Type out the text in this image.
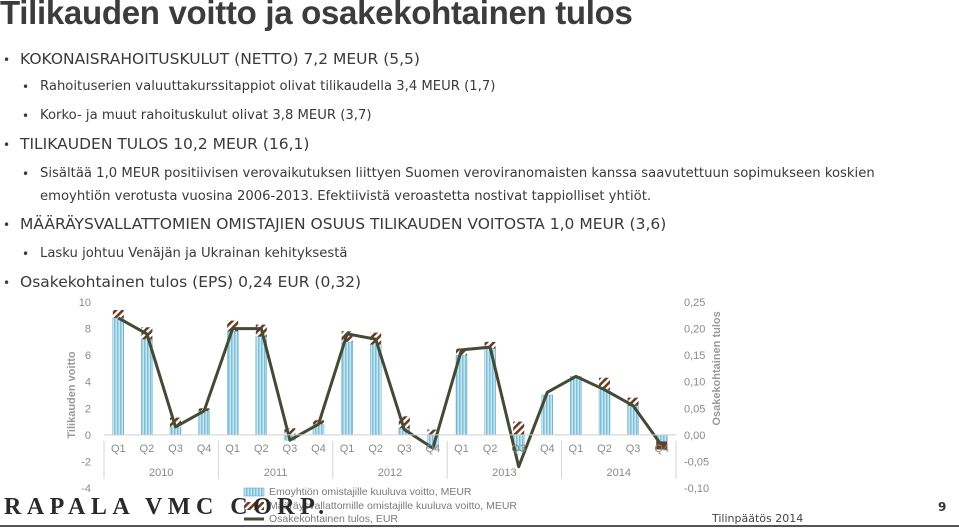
Tilikauden voitto ja osakekohtainen tulos
• KOKONAISRAHOITUSKULUT (NETTO) 7,2 MEUR (5,5)
• Rahoituserien valuuttakurssitappiot olivat tilikaudella 3,4 MEUR (1,7)
• Korko- ja muut rahoituskulut olivat 3,8 MEUR (3,7)
• TILIKAUDEN TULOS 10,2 MEUR (16,1)
• Sisältää 1,0 MEUR positiivisen verovaikutuksen liittyen Suomen veroviranomaisten kanssa saavutettuun sopimukseen koskien
emoyhtiön verotusta vuosina 2006-2013. Efektiivistä veroastetta nostivat tappiolliset yhtiöt.
• MÄÄRÄYSVALLATTOMIEN OMISTAJIEN OSUUS TILIKAUDEN VOITOSTA 1,0 MEUR (3,6)
• Lasku johtuu Venäjän ja Ukrainan kehityksestä
• Osakekohtainen tulos (EPS) 0,24 EUR (0,32)
10
8
6
4
2
0
-2
-4
0,25
0,20
0,15
0,10
0,05
0,00
-0,05
-0,10
Tilikauden voitto	Osakekohtainen tulos
Q1 Q2 Q3 Q4 Q1 Q2 Q3 Q4 Q1 Q2 Q3 Q4 Q1 Q2 Q3 Q4 Q1 Q2 Q3 Q4
2010	2011	2012	2013	2014
Emoyhtiön omistajille kuuluva voitto, MEUR
Määräysvallattomille omistajille kuuluva voitto, MEUR
Osakekohtainen tulos, EUR
RAPALA VMC CORP.	Tilinpäätös 2014
9
